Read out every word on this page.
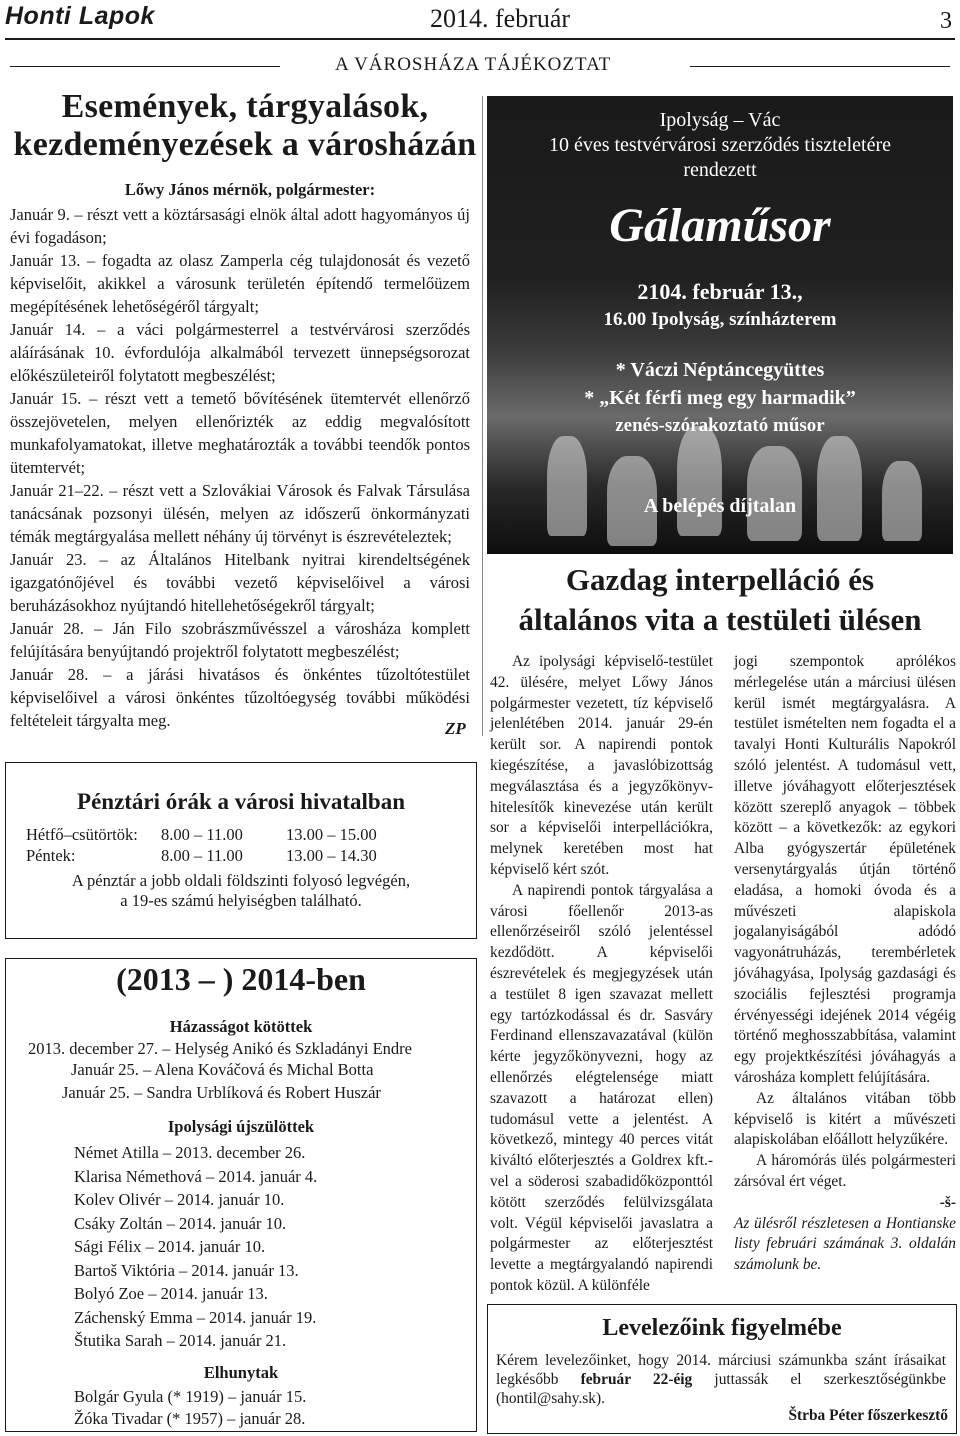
Honti Lapok	2014. február	3
A VÁROSHÁZA TÁJÉKOZTAT
Események, tárgyalások,
kezdeményezések a városházán
Lőwy János mérnök, polgármester:

Január 9. – részt vett a köztársasági elnök által adott hagyományos új évi fogadáson;

Január 13. – fogadta az olasz Zamperla cég tulajdonosát és vezető képviselőit, akikkel a városunk területén építendő termelőüzem megépítésének lehetőségéről tárgyalt;

Január 14. – a váci polgármesterrel a testvérvárosi szerződés aláírásának 10. évfordulója alkalmából tervezett ünnepségsorozat előkészületeiről folytatott megbeszélést;

Január 15. – részt vett a temető bővítésének ütemtervét ellenőrző összejövetelen, melyen ellenőrizték az eddig megvalósított munkafolyamatokat, illetve meghatározták a további teendők pontos ütemtervét;

Január 21–22. – részt vett a Szlovákiai Városok és Falvak Társulása tanácsának pozsonyi ülésén, melyen az időszerű önkormányzati témák megtárgyalása mellett néhány új törvényt is észrevételeztek;

Január 23. – az Általános Hitelbank nyitrai kirendeltségének igazgatónőjével és további vezető képviselőivel a városi beruházásokhoz nyújtandó hitellehetőségekről tárgyalt;

Január 28. – Ján Filo szobrászművésszel a városháza komplett felújítására benyújtandó projektről folytatott megbeszélést;

Január 28. – a járási hivatásos és önkéntes tűzoltótestület képviselőivel a városi önkéntes tűzoltóegység további működési feltételeit tárgyalta meg.	ZP
Pénztári órák a városi hivatalban
Hétfő–csütörtök: 8.00 – 11.00	13.00 – 15.00
Péntek:	8.00 – 11.00	13.00 – 14.30
A pénztár a jobb oldali földszinti folyosó legvégén,
a 19-es számú helyiségben található.
(2013 – ) 2014-ben
Házasságot kötöttek
2013. december 27. – Helység Anikó és Szkladányi Endre
Január 25. – Alena Kováčová és Michal Botta
Január 25. – Sandra Urblíková és Robert Huszár
Ipolysági újszülöttek
Német Atilla – 2013. december 26.
Klarisa Némethová – 2014. január 4.
Kolev Olivér – 2014. január 10.
Csáky Zoltán – 2014. január 10.
Sági Félix – 2014. január 10.
Bartoš Viktória – 2014. január 13.
Bolyó Zoe – 2014. január 13.
Záchenský Emma – 2014. január 19.
Štutika Sarah – 2014. január 21.
Elhunytak
Bolgár Gyula (* 1919) – január 15.
Žóka Tivadar (* 1957) – január 28.
Ipolyság – Vác
10 éves testvérvárosi szerződés tiszteletére
rendezett
Gálaműsor
2104. február 13.,
16.00 Ipolyság, színházterem
* Váczi Néptáncegyüttes
* „Két férfi meg egy harmadik”
zenés-szórakoztató műsor
A belépés díjtalan
Gazdag interpelláció és
általános vita a testületi ülésen

Az ipolysági képviselő-testület 42. ülésére, melyet Lőwy János polgármester vezetett, tíz képviselő jelenlétében 2014. január 29-én került sor. A napirendi pontok kiegészítése, a javaslóbizottság megválasztása és a jegyzőkönyv-hitelesítők kinevezése után került sor a képviselői interpellációkra, melynek keretében most hat képviselő kért szót.

A napirendi pontok tárgyalása a városi főellenőr 2013-as ellenőrzéseiről szóló jelentéssel kezdődött. A képviselői észrevételek és megjegyzések után a testület 8 igen szavazat mellett egy tartózkodással és dr. Sasváry Ferdinand ellenszavazatával (külön kérte jegyzőkönyvezni, hogy az ellenőrzés elégtelensége miatt szavazott a határozat ellen) tudomásul vette a jelentést. A következő, mintegy 40 perces vitát kiváltó előterjesztés a Goldrex kft.-vel a söderosi szabadidőközponttól kötött szerződés felülvizsgálata volt. Végül képviselői javaslatra a polgármester az előterjesztést levette a megtárgyalandó napirendi pontok közül. A különféle

jogi szempontok aprólékos mérlegelése után a márciusi ülésen kerül ismét megtárgyalásra. A testület ismételten nem fogadta el a tavalyi Honti Kulturális Napokról szóló jelentést. A tudomásul vett, illetve jóváhagyott előterjesztések között szereplő anyagok – többek között – a következők: az egykori Alba gyógyszertár épületének versenytárgyalás útján történő eladása, a homoki óvoda és a művészeti alapiskola jogalanyiságából adódó vagyonátruházás, terembérletek jóváhagyása, Ipolyság gazdasági és szociális fejlesztési programja érvényességi idejének 2014 végéig történő meghosszabbítása, valamint egy projektkészítési jóváhagyás a városháza komplett felújítására.

Az általános vitában több képviselő is kitért a művészeti alapiskolában előállott helyzűkére.

A háromórás ülés polgármesteri zársóval ért véget.

-š-

Az ülésről részletesen a Hontianske listy februári számának 3. oldalán számolunk be.

Levelezőink figyelmébe
Kérem levelezőinket, hogy 2014. márciusi számunkba szánt írásaikat legkésőbb február 22-éig juttassák el szerkesztőségünkbe (hontil@sahy.sk).
Štrba Péter főszerkesztő
